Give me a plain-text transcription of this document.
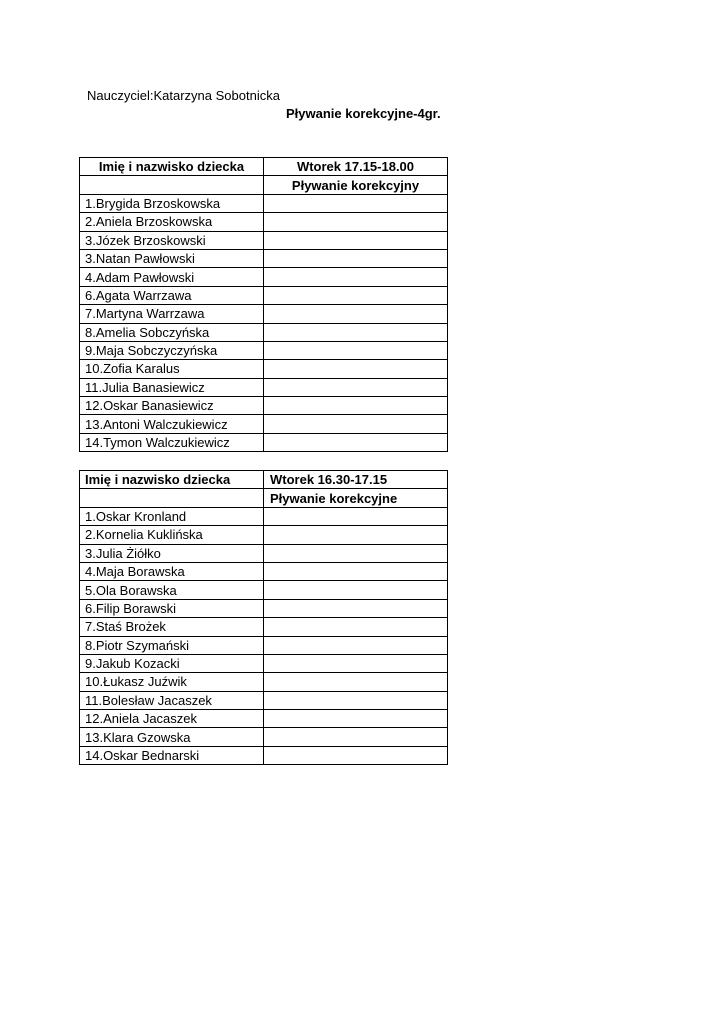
Nauczyciel:Katarzyna Sobotnicka
Pływanie korekcyjne-4gr.
Imię i nazwisko dziecka	Wtorek 17.15-18.00
	Pływanie korekcyjny
1.Brygida Brzoskowska	
2.Aniela Brzoskowska	
3.Józek Brzoskowski	
3.Natan Pawłowski	
4.Adam Pawłowski	
6.Agata Warrzawa	
7.Martyna Warrzawa	
8.Amelia Sobczyńska	
9.Maja Sobczyczyńska	
10.Zofia Karalus	
11.Julia Banasiewicz	
12.Oskar Banasiewicz	
13.Antoni Walczukiewicz	
14.Tymon Walczukiewicz	
Imię i nazwisko dziecka	Wtorek 16.30-17.15
	Pływanie korekcyjne
1.Oskar Kronland	
2.Kornelia Kuklińska	
3.Julia Żiółko	
4.Maja Borawska	
5.Ola Borawska	
6.Filip Borawski	
7.Staś Brożek	
8.Piotr Szymański	
9.Jakub Kozacki	
10.Łukasz Juźwik	
11.Bolesław Jacaszek	
12.Aniela Jacaszek	
13.Klara Gzowska	
14.Oskar Bednarski	
